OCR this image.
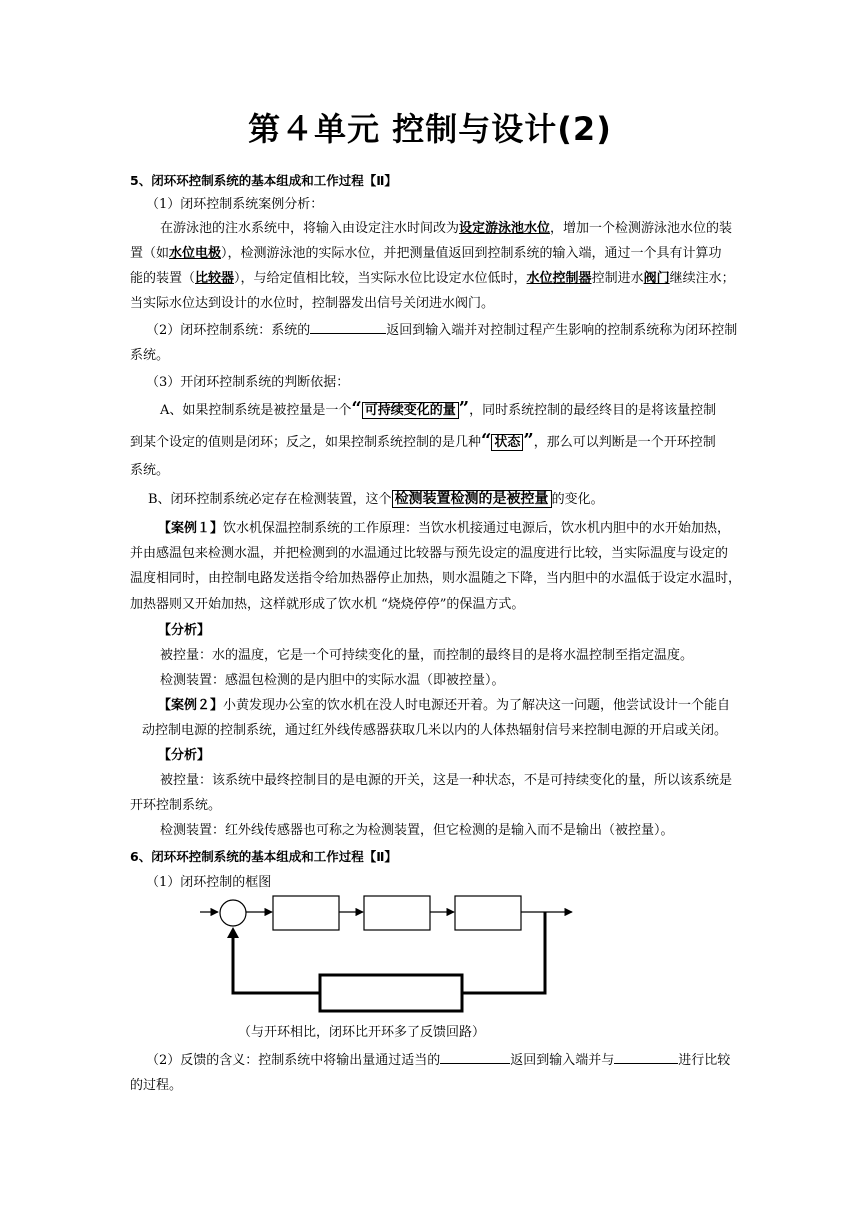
第４单元 控制与设计(2)
5、闭环环控制系统的基本组成和工作过程【Ⅱ】
（1）闭环控制系统案例分析：
在游泳池的注水系统中，将输入由设定注水时间改为设定游泳池水位，增加一个检测游泳池水位的装
置（如水位电极），检测游泳池的实际水位，并把测量值返回到控制系统的输入端，通过一个具有计算功
能的装置（比较器），与给定值相比较，当实际水位比设定水位低时，水位控制器控制进水阀门继续注水；
当实际水位达到设计的水位时，控制器发出信号关闭进水阀门。
（2）闭环控制系统：系统的	返回到输入端并对控制过程产生影响的控制系统称为闭环控制
系统。
（3）开闭环控制系统的判断依据：
A、如果控制系统是被控量是一个“ 可持续变化的量 ”，同时系统控制的最经终目的是将该量控制
到某个设定的值则是闭环；反之，如果控制系统控制的是几种“ 状态 ”，那么可以判断是一个开环控制
系统。
B、闭环控制系统必定存在检测装置，这个 检测装置检测的是被控量 的变化。
【案例１】饮水机保温控制系统的工作原理：当饮水机接通过电源后，饮水机内胆中的水开始加热，
并由感温包来检测水温，并把检测到的水温通过比较器与预先设定的温度进行比较，当实际温度与设定的
温度相同时，由控制电路发送指令给加热器停止加热，则水温随之下降，当内胆中的水温低于设定水温时，
加热器则又开始加热，这样就形成了饮水机 “烧烧停停”的保温方式。
【分析】
被控量：水的温度，它是一个可持续变化的量，而控制的最终目的是将水温控制至指定温度。
检测装置：感温包检测的是内胆中的实际水温（即被控量）。
【案例２】小黄发现办公室的饮水机在没人时电源还开着。为了解决这一问题，他尝试设计一个能自
动控制电源的控制系统，通过红外线传感器获取几米以内的人体热辐射信号来控制电源的开启或关闭。
【分析】
被控量：该系统中最终控制目的是电源的开关，这是一种状态，不是可持续变化的量，所以该系统是
开环控制系统。
检测装置：红外线传感器也可称之为检测装置，但它检测的是输入而不是输出（被控量）。
6、闭环环控制系统的基本组成和工作过程【Ⅱ】
（1）闭环控制的框图
（与开环相比，闭环比开环多了反馈回路）
（2）反馈的含义：控制系统中将输出量通过适当的	返回到输入端并与	进行比较
的过程。
